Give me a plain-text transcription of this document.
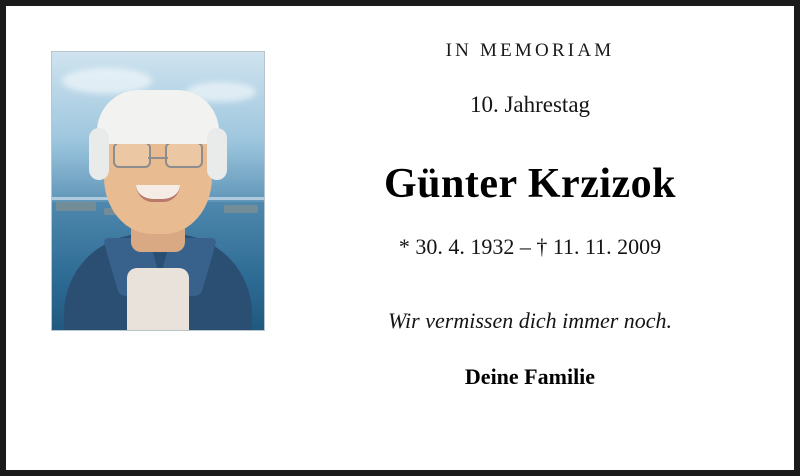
IN MEMORIAM

10. Jahrestag

Günter Krzizok

* 30. 4. 1932 – † 11. 11. 2009

Wir vermissen dich immer noch.

Deine Familie
